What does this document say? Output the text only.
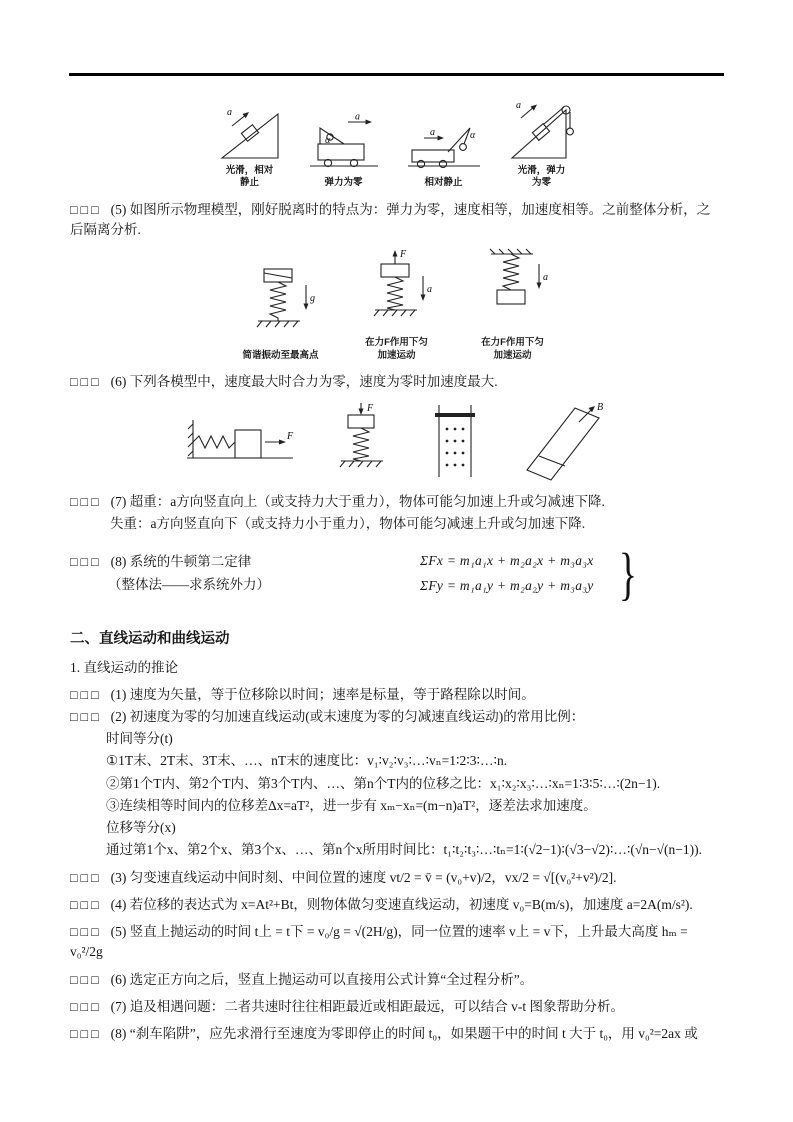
a
光滑，相对静止
α
a
弹力为零
α
a
相对静止
a
光滑，弹力为零

□□□ (5) 如图所示物理模型，刚好脱离时的特点为：弹力为零，速度相等，加速度相等。之前整体分析，之后隔离分析.

g
简谐振动至最高点
F
a
在力F作用下匀加速运动
a
在力F作用下匀加速运动

□□□ (6) 下列各模型中，速度最大时合力为零，速度为零时加速度最大.

F
F	B

□□□ (7) 超重：a方向竖直向上（或支持力大于重力），物体可能匀加速上升或匀减速下降.

失重：a方向竖直向下（或支持力小于重力），物体可能匀减速上升或匀加速下降.

□□□ (8) 系统的牛顿第二定律

（整体法——求系统外力）

ΣFx = m₁a₁x + m₂a₂x + m₃a₃x
ΣFy = m₁a₁y + m₂a₂y + m₃a₃y }
二、直线运动和曲线运动

1. 直线运动的推论

□□□ (1) 速度为矢量，等于位移除以时间；速率是标量，等于路程除以时间。

□□□ (2) 初速度为零的匀加速直线运动(或末速度为零的匀减速直线运动)的常用比例：

时间等分(t)

①1T末、2T末、3T末、…、nT末的速度比：v₁∶v₂∶v₃∶…∶vₙ=1∶2∶3∶…∶n.

②第1个T内、第2个T内、第3个T内、…、第n个T内的位移之比：x₁∶x₂∶x₃∶…∶xₙ=1∶3∶5∶…∶(2n−1).

③连续相等时间内的位移差Δx=aT²，进一步有 xₘ−xₙ=(m−n)aT²，逐差法求加速度。

位移等分(x)

通过第1个x、第2个x、第3个x、…、第n个x所用时间比：t₁∶t₂∶t₃∶…∶tₙ=1∶(√2−1)∶(√3−√2)∶…∶(√n−√(n−1)).

□□□ (3) 匀变速直线运动中间时刻、中间位置的速度 vt/2 = v̄ = (v₀+v)/2，vx/2 = √[(v₀²+v²)/2].

□□□ (4) 若位移的表达式为 x=At²+Bt，则物体做匀变速直线运动，初速度 v₀=B(m/s)，加速度 a=2A(m/s²).

□□□ (5) 竖直上抛运动的时间 t上 = t下 = v₀/g = √(2H/g)，同一位置的速率 v上 = v下，上升最大高度 hₘ = v₀²/2g

□□□ (6) 选定正方向之后，竖直上抛运动可以直接用公式计算“全过程分析”。

□□□ (7) 追及相遇问题：二者共速时往往相距最近或相距最远，可以结合 v-t 图象帮助分析。

□□□ (8) “刹车陷阱”，应先求滑行至速度为零即停止的时间 t₀，如果题干中的时间 t 大于 t₀，用 v₀²=2ax 或
